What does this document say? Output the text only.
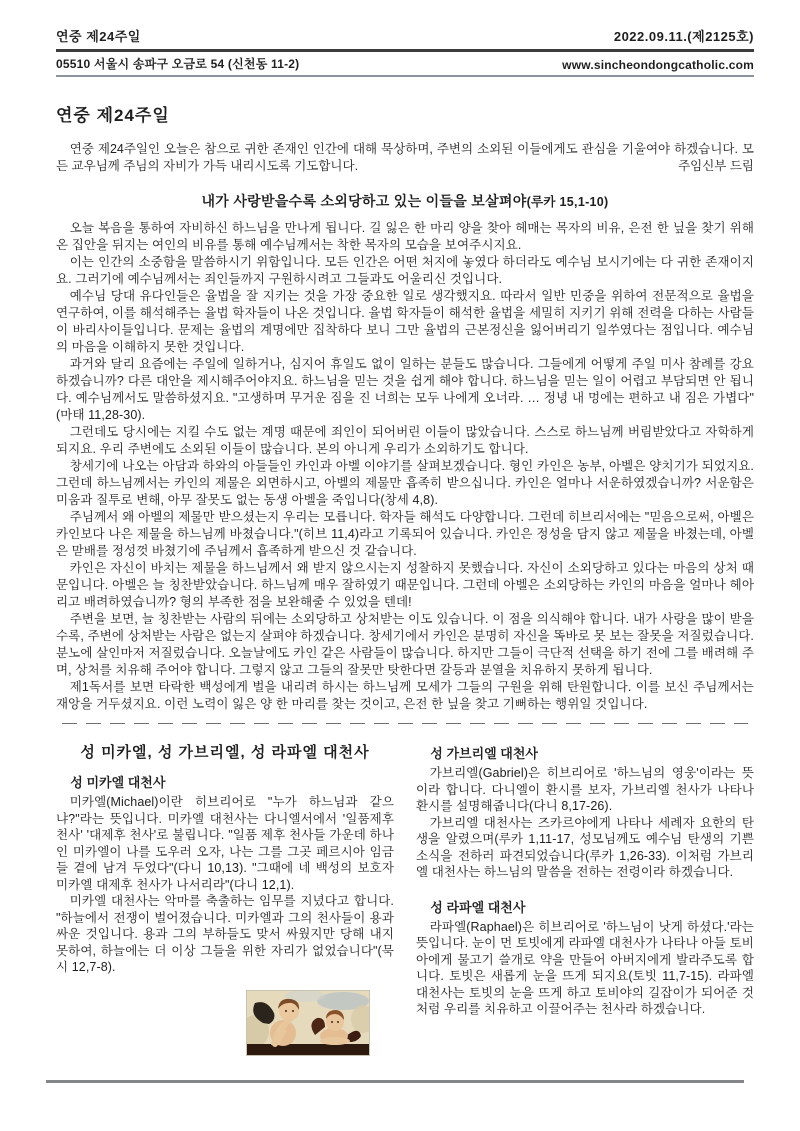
연중 제24주일	2022.09.11.(제2125호)
05510 서울시 송파구 오금로 54 (신천동 11-2)	www.sincheondongcatholic.com
연중 제24주일

연중 제24주일인 오늘은 참으로 귀한 존재인 인간에 대해 묵상하며, 주변의 소외된 이들에게도 관심을 기울여야 하겠습니다. 모든 교우님께 주님의 자비가 가득 내리시도록 기도합니다.	주임신부 드림

내가 사랑받을수록 소외당하고 있는 이들을 보살펴야(루카 15,1-10)

오늘 복음을 통하여 자비하신 하느님을 만나게 됩니다. 길 잃은 한 마리 양을 찾아 헤매는 목자의 비유, 은전 한 닢을 찾기 위해 온 집안을 뒤지는 여인의 비유를 통해 예수님께서는 착한 목자의 모습을 보여주시지요.

이는 인간의 소중함을 말씀하시기 위함입니다. 모든 인간은 어떤 처지에 놓였다 하더라도 예수님 보시기에는 다 귀한 존재이지요. 그러기에 예수님께서는 죄인들까지 구원하시려고 그들과도 어울리신 것입니다.

예수님 당대 유다인들은 율법을 잘 지키는 것을 가장 중요한 일로 생각했지요. 따라서 일반 민중을 위하여 전문적으로 율법을 연구하여, 이를 해석해주는 율법 학자들이 나온 것입니다. 율법 학자들이 해석한 율법을 세밀히 지키기 위해 전력을 다하는 사람들이 바리사이들입니다. 문제는 율법의 계명에만 집착하다 보니 그만 율법의 근본정신을 잃어버리기 일쑤였다는 점입니다. 예수님의 마음을 이해하지 못한 것입니다.

과거와 달리 요즘에는 주일에 일하거나, 심지어 휴일도 없이 일하는 분들도 많습니다. 그들에게 어떻게 주일 미사 참례를 강요하겠습니까? 다른 대안을 제시해주어야지요. 하느님을 믿는 것을 쉽게 해야 합니다. 하느님을 믿는 일이 어렵고 부담되면 안 됩니다. 예수님께서도 말씀하셨지요. "고생하며 무거운 짐을 진 너희는 모두 나에게 오너라. … 정녕 내 멍에는 편하고 내 짐은 가볍다"(마태 11,28-30).

그런데도 당시에는 지킬 수도 없는 계명 때문에 죄인이 되어버린 이들이 많았습니다. 스스로 하느님께 버림받았다고 자학하게 되지요. 우리 주변에도 소외된 이들이 많습니다. 본의 아니게 우리가 소외하기도 합니다.

창세기에 나오는 아담과 하와의 아들들인 카인과 아벨 이야기를 살펴보겠습니다. 형인 카인은 농부, 아벨은 양치기가 되었지요. 그런데 하느님께서는 카인의 제물은 외면하시고, 아벨의 제물만 흡족히 받으십니다. 카인은 얼마나 서운하였겠습니까? 서운함은 미움과 질투로 변해, 아무 잘못도 없는 동생 아벨을 죽입니다(창세 4,8).

주님께서 왜 아벨의 제물만 받으셨는지 우리는 모릅니다. 학자들 해석도 다양합니다. 그런데 히브리서에는 "믿음으로써, 아벨은 카인보다 나은 제물을 하느님께 바쳤습니다."(히브 11,4)라고 기록되어 있습니다. 카인은 정성을 담지 않고 제물을 바쳤는데, 아벨은 맏배를 정성껏 바쳤기에 주님께서 흡족하게 받으신 것 같습니다.

카인은 자신이 바치는 제물을 하느님께서 왜 받지 않으시는지 성찰하지 못했습니다. 자신이 소외당하고 있다는 마음의 상처 때문입니다. 아벨은 늘 칭찬받았습니다. 하느님께 매우 잘하였기 때문입니다. 그런데 아벨은 소외당하는 카인의 마음을 얼마나 헤아리고 배려하였습니까? 형의 부족한 점을 보완해줄 수 있었을 텐데!

주변을 보면, 늘 칭찬받는 사람의 뒤에는 소외당하고 상처받는 이도 있습니다. 이 점을 의식해야 합니다. 내가 사랑을 많이 받을수록, 주변에 상처받는 사람은 없는지 살펴야 하겠습니다. 창세기에서 카인은 분명히 자신을 똑바로 못 보는 잘못을 저질렀습니다. 분노에 살인마저 저질렀습니다. 오늘날에도 카인 같은 사람들이 많습니다. 하지만 그들이 극단적 선택을 하기 전에 그를 배려해 주며, 상처를 치유해 주어야 합니다. 그렇지 않고 그들의 잘못만 탓한다면 갈등과 분열을 치유하지 못하게 됩니다.

제1독서를 보면 타락한 백성에게 벌을 내리려 하시는 하느님께 모세가 그들의 구원을 위해 탄원합니다. 이를 보신 주님께서는 재앙을 거두셨지요. 이런 노력이 잃은 양 한 마리를 찾는 것이고, 은전 한 닢을 찾고 기뻐하는 행위일 것입니다.

성 미카엘, 성 가브리엘, 성 라파엘 대천사
성 미카엘 대천사

미카엘(Michael)이란 히브리어로 "누가 하느님과 같으냐?"라는 뜻입니다. 미카엘 대천사는 다니엘서에서 '일품제후 천사' '대제후 천사'로 불립니다. "일품 제후 천사들 가운데 하나인 미카엘이 나를 도우러 오자, 나는 그를 그곳 페르시아 임금들 곁에 남겨 두었다"(다니 10,13). "그때에 네 백성의 보호자 미카엘 대제후 천사가 나서리라"(다니 12,1).

미카엘 대천사는 악마를 축출하는 임무를 지녔다고 합니다. "하늘에서 전쟁이 벌어졌습니다. 미카엘과 그의 천사들이 용과 싸운 것입니다. 용과 그의 부하들도 맞서 싸웠지만 당해 내지 못하여, 하늘에는 더 이상 그들을 위한 자리가 없었습니다"(묵시 12,7-8).

성 가브리엘 대천사

가브리엘(Gabriel)은 히브리어로 '하느님의 영웅'이라는 뜻이라 합니다. 다니엘이 환시를 보자, 가브리엘 천사가 나타나 환시를 설명해줍니다(다니 8,17-26).

가브리엘 대천사는 즈카르야에게 나타나 세례자 요한의 탄생을 알렸으며(루카 1,11-17, 성모님께도 예수님 탄생의 기쁜 소식을 전하러 파견되었습니다(루카 1,26-33). 이처럼 가브리엘 대천사는 하느님의 말씀을 전하는 전령이라 하겠습니다.

성 라파엘 대천사

라파엘(Raphael)은 히브리어로 '하느님이 낫게 하셨다.'라는 뜻입니다. 눈이 먼 토빗에게 라파엘 대천사가 나타나 아들 토비아에게 물고기 쓸개로 약을 만들어 아버지에게 발라주도록 합니다. 토빗은 새롭게 눈을 뜨게 되지요(토빗 11,7-15). 라파엘 대천사는 토빗의 눈을 뜨게 하고 토비야의 길잡이가 되어준 것처럼 우리를 치유하고 이끌어주는 천사라 하겠습니다.
